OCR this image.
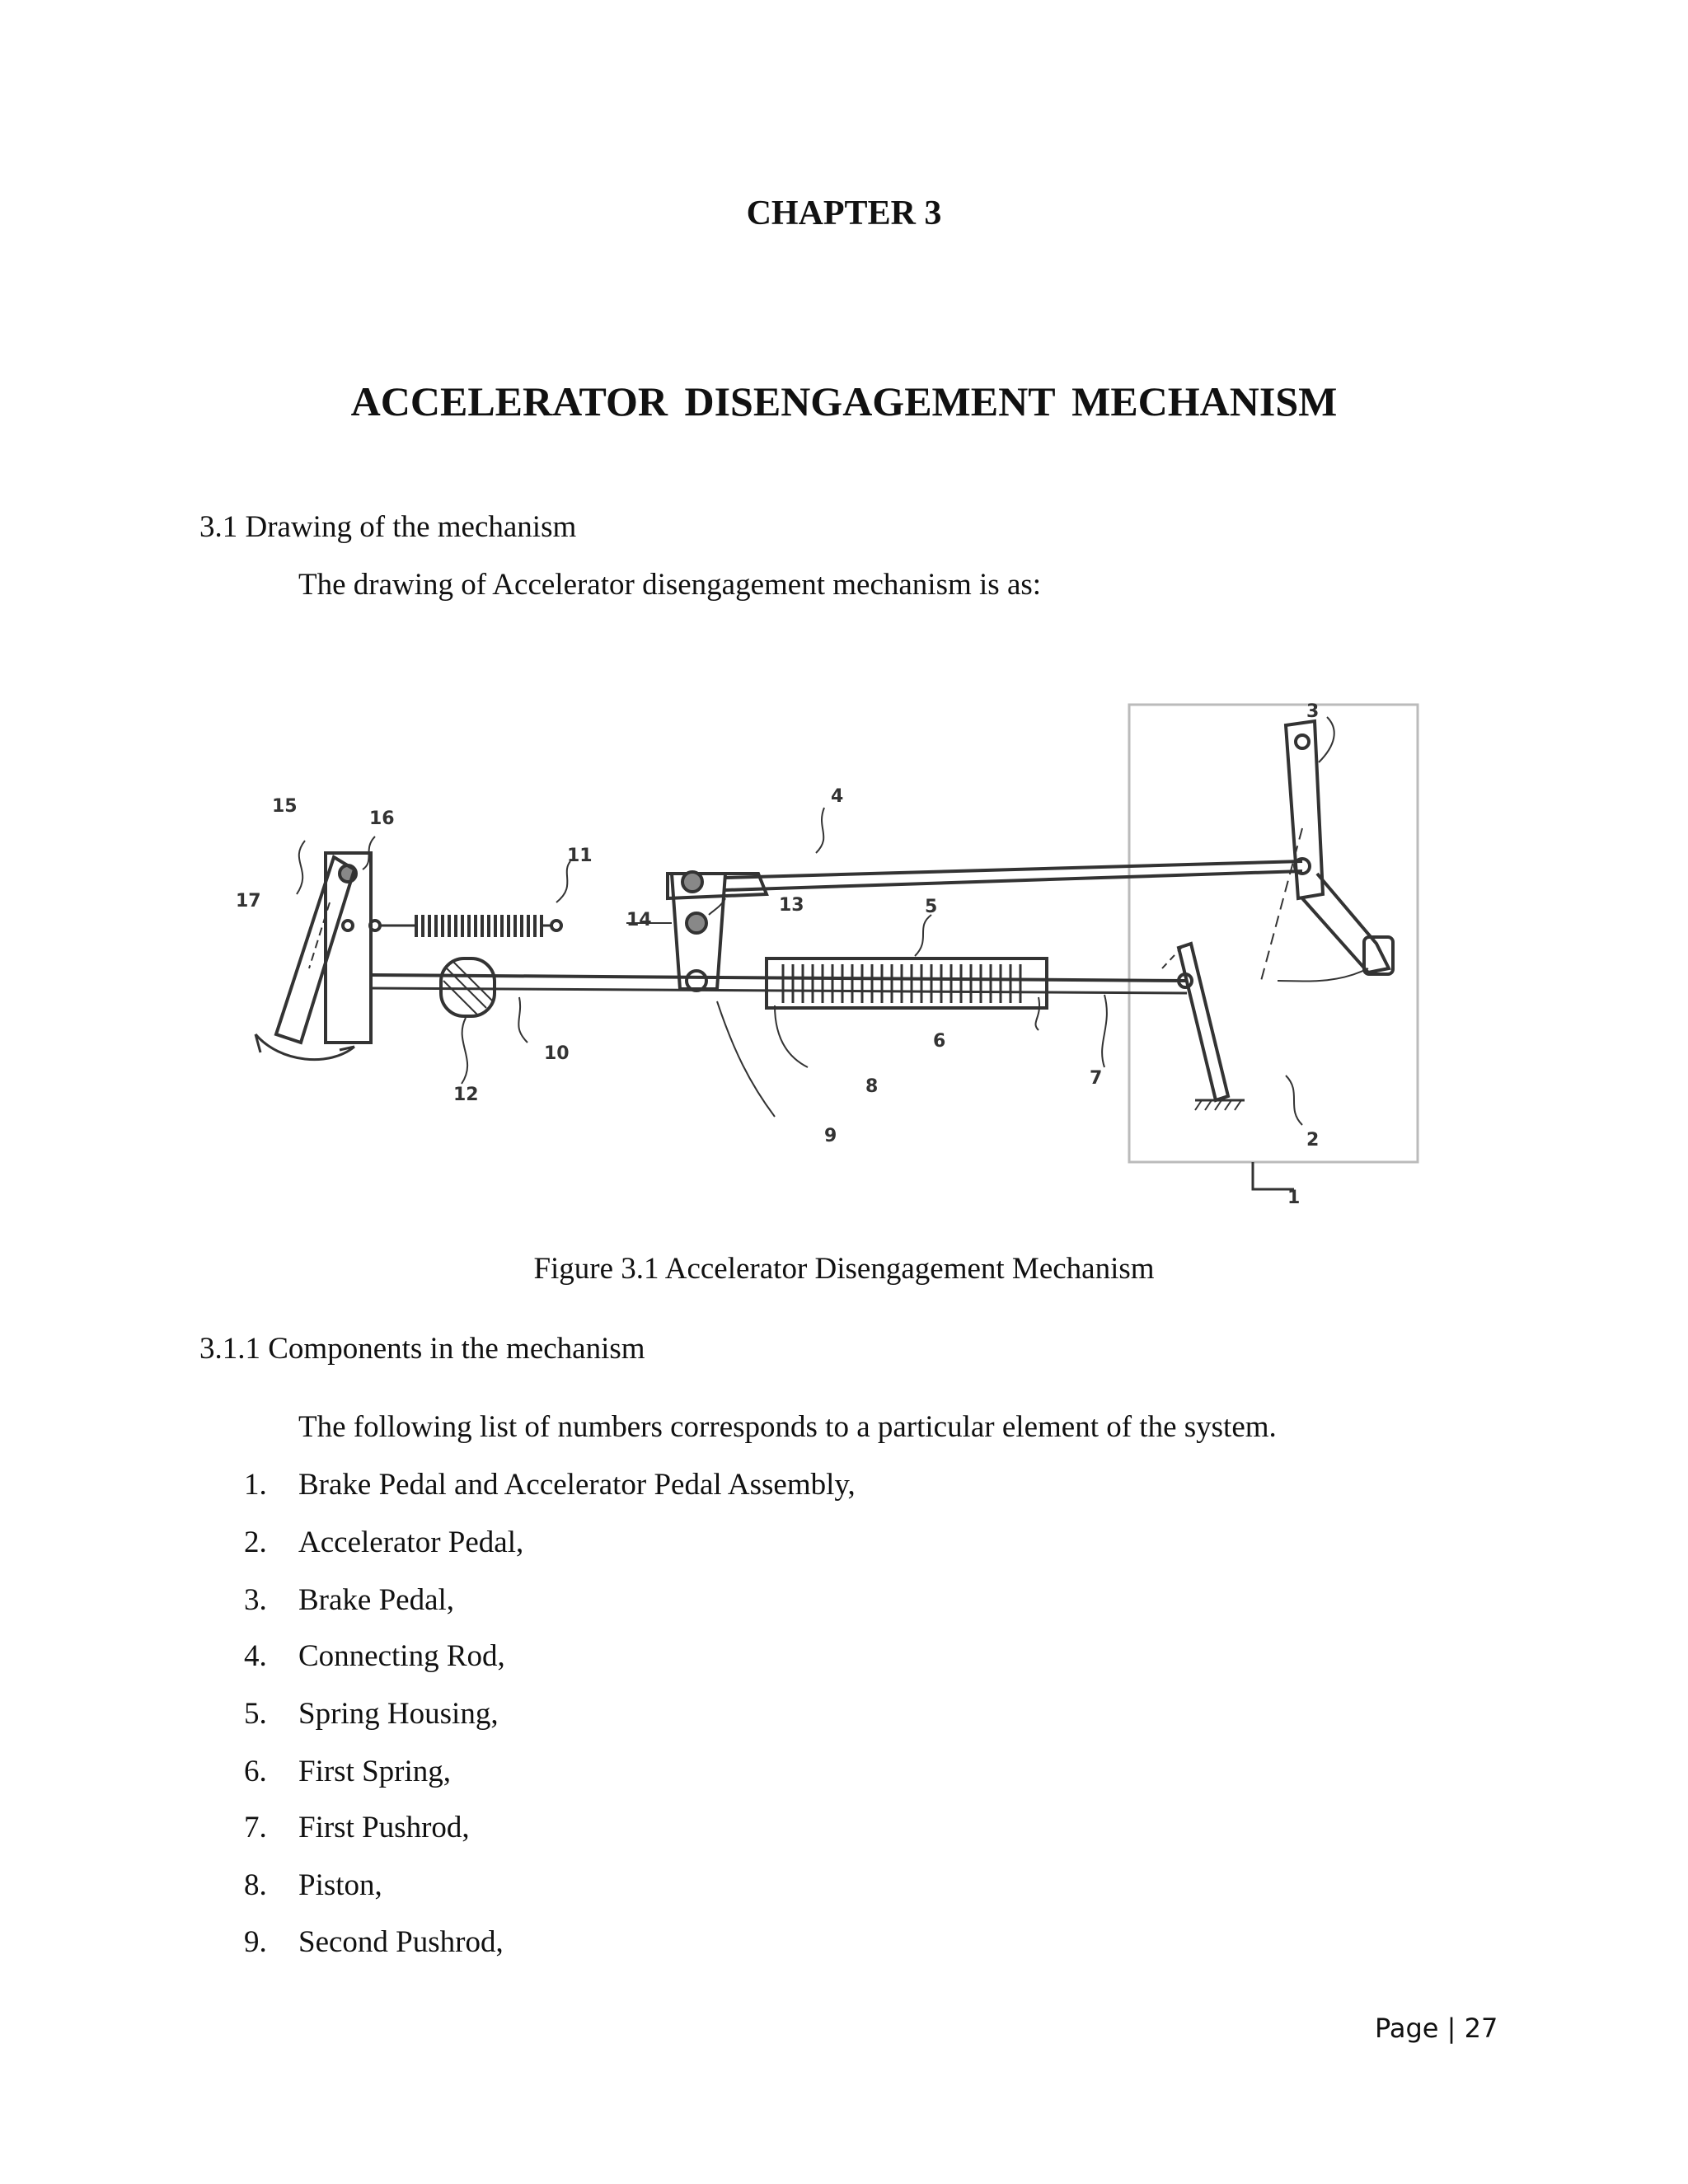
CHAPTER 3
ACCELERATOR DISENGAGEMENT MECHANISM
3.1 Drawing of the mechanism
The drawing of Accelerator disengagement mechanism is as:
3
1
2
4
5
6
7
8
9
10
11
12
13
14
15
16
17
Figure 3.1 Accelerator Disengagement Mechanism
3.1.1 Components in the mechanism
The following list of numbers corresponds to a particular element of the system.
1. Brake Pedal and Accelerator Pedal Assembly,
2. Accelerator Pedal,
3. Brake Pedal,
4. Connecting Rod,
5. Spring Housing,
6. First Spring,
7. First Pushrod,
8. Piston,
9. Second Pushrod,
Page | 27
